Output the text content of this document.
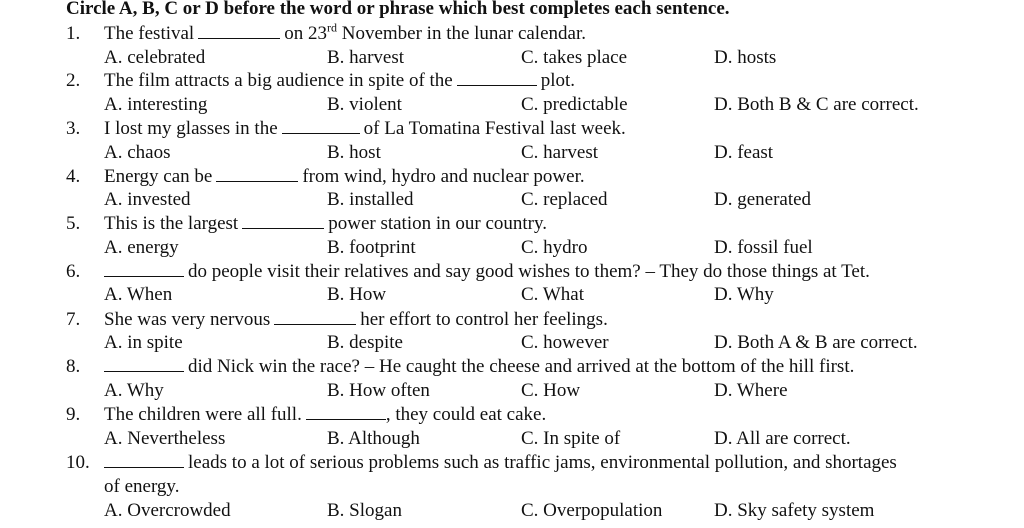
Circle A, B, C or D before the word or phrase which best completes each sentence.
1. The festival	on 23rd November in the lunar calendar.
A. celebrated	B. harvest	C. takes place	D. hosts
2. The film attracts a big audience in spite of the	plot.
A. interesting	B. violent	C. predictable	D. Both B & C are correct.
3. I lost my glasses in the	of La Tomatina Festival last week.
A. chaos	B. host	C. harvest	D. feast
4. Energy can be	from wind, hydro and nuclear power.
A. invested	B. installed	C. replaced	D. generated
5. This is the largest	power station in our country.
A. energy	B. footprint	C. hydro	D. fossil fuel
6.	do people visit their relatives and say good wishes to them? – They do those things at Tet.
A. When	B. How	C. What	D. Why
7. She was very nervous	her effort to control her feelings.
A. in spite	B. despite	C. however	D. Both A & B are correct.
8.	did Nick win the race? – He caught the cheese and arrived at the bottom of the hill first.
A. Why	B. How often	C. How	D. Where
9. The children were all full.	, they could eat cake.
A. Nevertheless	B. Although	C. In spite of	D. All are correct.
10.	leads to a lot of serious problems such as traffic jams, environmental pollution, and shortages
of energy.
A. Overcrowded	B. Slogan	C. Overpopulation	D. Sky safety system
